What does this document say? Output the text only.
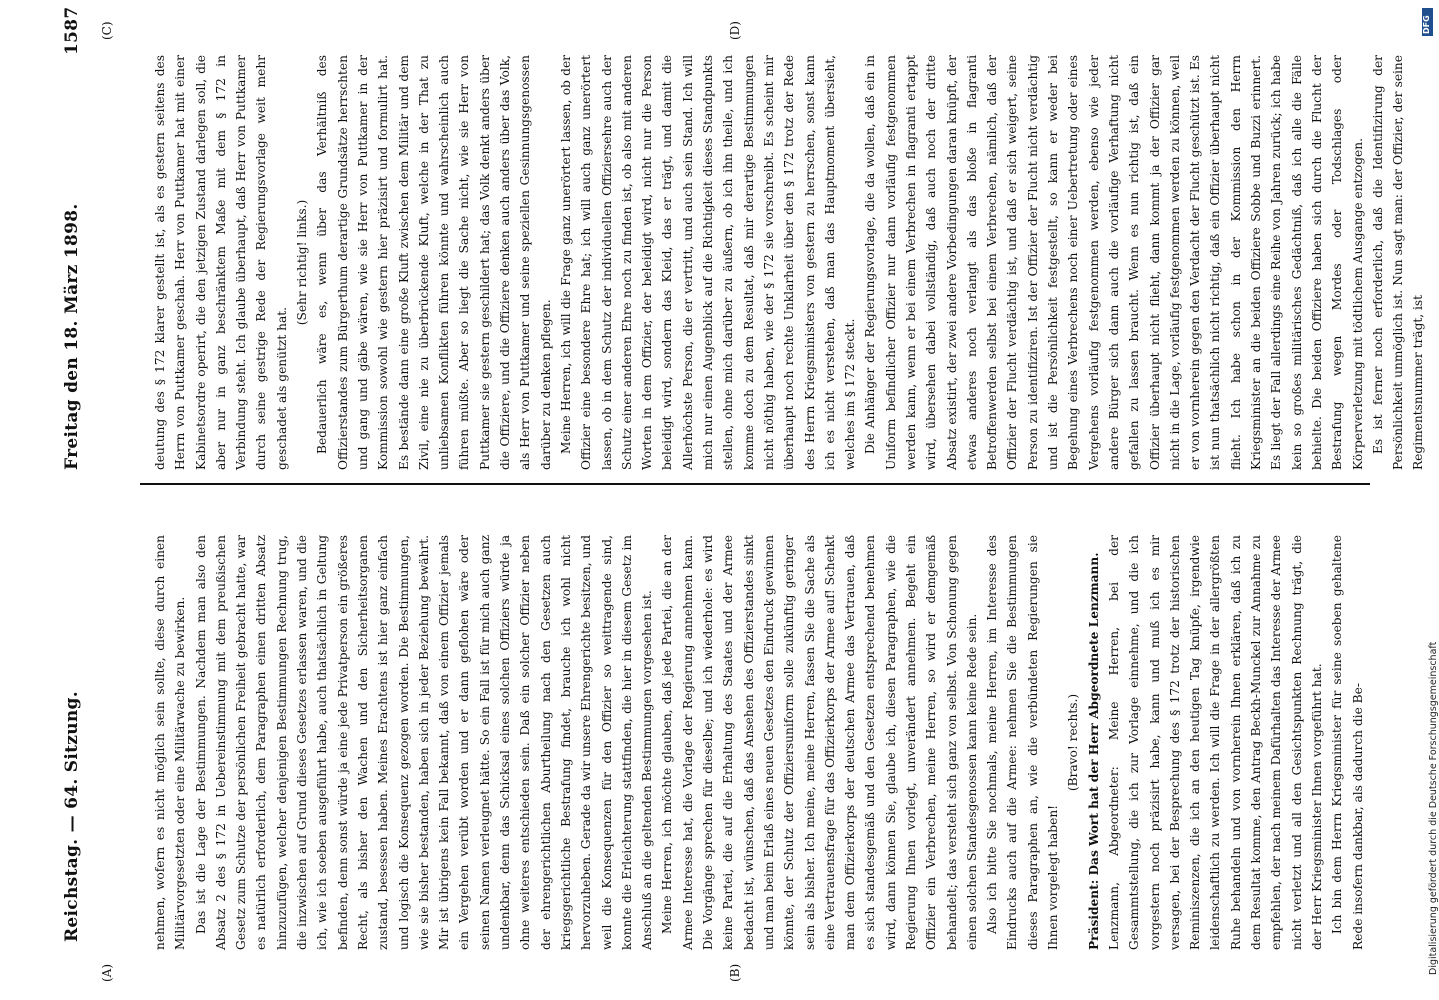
Reichstag. — 64. Sitzung.
Freitag den 18. März 1898.
1587
(A)	(B)
(C)	(D)

nehmen, wofern es nicht möglich sein sollte, diese durch einen Militärvorgesetzten oder eine Militärwache zu bewirken. Das ist die Lage der Bestimmungen. Nachdem man also den Absatz 2 des § 172 in Uebereinstimmung mit dem preußischen Gesetz zum Schutze der persönlichen Freiheit gebracht hatte, war es natürlich erforderlich, dem Paragraphen einen dritten Absatz hinzuzufügen, welcher denjenigen Bestimmungen Rechnung trug, die inzwischen auf Grund dieses Gesetzes erlassen waren, und die ich, wie ich soeben ausgeführt habe, auch thatsächlich in Geltung befinden, denn sonst würde ja eine jede Privatperson ein größeres Recht, als bisher den Wachen und den Sicherheitsorganen zustand, besessen haben. Meines Erachtens ist hier ganz einfach und logisch die Konsequenz gezogen worden. Die Bestimmungen, wie sie bisher bestanden, haben sich in jeder Beziehung bewährt. Mir ist übrigens kein Fall bekannt, daß von einem Offizier jemals ein Vergehen verübt worden und er dann geflohen wäre oder seinen Namen verleugnet hätte. So ein Fall ist für mich auch ganz undenkbar, denn das Schicksal eines solchen Offiziers würde ja ohne weiteres entschieden sein. Daß ein solcher Offizier neben der ehrengerichtlichen Aburtheilung nach den Gesetzen auch kriegsgerichtliche Bestrafung findet, brauche ich wohl nicht hervorzuheben. Gerade da wir unsere Ehrengerichte besitzen, und weil die Konsequenzen für den Offizier so weittragende sind, konnte die Erleichterung stattfinden, die hier in diesem Gesetz im Anschluß an die geltenden Bestimmungen vorgesehen ist. Meine Herren, ich möchte glauben, daß jede Partei, die an der Armee Interesse hat, die Vorlage der Regierung annehmen kann. Die Vorgänge sprechen für dieselbe; und ich wiederhole: es wird keine Partei, die auf die Erhaltung des Staates und der Armee bedacht ist, wünschen, daß das Ansehen des Offizierstandes sinkt und man beim Erlaß eines neuen Gesetzes den Eindruck gewinnen könnte, der Schutz der Offiziersuniform solle zukünftig geringer sein als bisher. Ich meine, meine Herren, fassen Sie die Sache als eine Vertrauensfrage für das Offizierkorps der Armee auf! Schenkt man dem Offizierkorps der deutschen Armee das Vertrauen, daß es sich standesgemäß und den Gesetzen entsprechend benehmen wird, dann können Sie, glaube ich, diesen Paragraphen, wie die Regierung Ihnen vorlegt, unverändert annehmen. Begeht ein Offizier ein Verbrechen, meine Herren, so wird er demgemäß behandelt; das versteht sich ganz von selbst. Von Schonung gegen einen solchen Standesgenossen kann keine Rede sein. Also ich bitte Sie nochmals, meine Herren, im Interesse des Eindrucks auch auf die Armee: nehmen Sie die Bestimmungen dieses Paragraphen an, wie die verbündeten Regierungen sie Ihnen vorgelegt haben!

(Bravo! rechts.) Präsident: Das Wort hat der Herr Abgeordnete Lenzmann. Lenzmann, Abgeordneter: Meine Herren, bei der Gesammtstellung, die ich zur Vorlage einnehme, und die ich vorgestern noch präzisirt habe, kann und muß ich es mir versagen, bei der Besprechung des § 172 trotz der historischen Reminiszenzen, die ich an den heutigen Tag knüpfe, irgendwie leidenschaftlich zu werden. Ich will die Frage in der allergrößten Ruhe behandeln und von vornherein Ihnen erklären, daß ich zu dem Resultat komme, den Antrag Beckh-Munckel zur Annahme zu empfehlen, der nach meinem Dafürhalten das Interesse der Armee nicht verletzt und all den Gesichtspunkten Rechnung trägt, die der Herr Kriegsminister Ihnen vorgeführt hat. Ich bin dem Herrn Kriegsminister für seine soeben gehaltene Rede insofern dankbar, als dadurch die Be-

deutung des § 172 klarer gestellt ist, als es gestern seitens des Herrn von Puttkamer geschah. Herr von Puttkamer hat mit einer Kabinetsordre operirt, die den jetzigen Zustand darlegen soll, die aber nur in ganz beschränktem Maße mit dem § 172 in Verbindung steht. Ich glaube überhaupt, daß Herr von Puttkamer durch seine gestrige Rede der Regierungsvorlage weit mehr geschadet als genützt hat.

(Sehr richtig! links.) Bedauerlich wäre es, wenn über das Verhältniß des Offizierstandes zum Bürgerthum derartige Grundsätze herrschten und gang und gäbe wären, wie sie Herr von Puttkamer in der Kommission sowohl wie gestern hier präzisirt und formulirt hat. Es bestände dann eine große Kluft zwischen dem Militär und dem Zivil, eine nie zu überbrückende Kluft, welche in der That zu unliebsamen Konflikten führen könnte und wahrscheinlich auch führen müßte. Aber so liegt die Sache nicht, wie sie Herr von Puttkamer sie gestern geschildert hat; das Volk denkt anders über die Offiziere, und die Offiziere denken auch anders über das Volk, als Herr von Puttkamer und seine speziellen Gesinnungsgenossen darüber zu denken pflegen. Meine Herren, ich will die Frage ganz unerörtert lassen, ob der Offizier eine besondere Ehre hat; ich will auch ganz unerörtert lassen, ob in dem Schutz der individuellen Offiziersehre auch der Schutz einer anderen Ehre noch zu finden ist, ob also mit anderen Worten in dem Offizier, der beleidigt wird, nicht nur die Person beleidigt wird, sondern das Kleid, das er trägt, und damit die Allerhöchste Person, die er vertritt, und auch sein Stand. Ich will mich nur einen Augenblick auf die Richtigkeit dieses Standpunkts stellen, ohne mich darüber zu äußern, ob ich ihn theile, und ich komme doch zu dem Resultat, daß mir derartige Bestimmungen nicht nöthig haben, wie der § 172 sie vorschreibt. Es scheint mir überhaupt noch rechte Unklarheit über den § 172 trotz der Rede des Herrn Kriegsministers von gestern zu herrschen, sonst kann ich es nicht verstehen, daß man das Hauptmoment übersieht, welches im § 172 steckt. Die Anhänger der Regierungsvorlage, die da wollen, daß ein in Uniform befindlicher Offizier nur dann vorläufig festgenommen werden kann, wenn er bei einem Verbrechen in flagranti ertappt wird, übersehen dabei vollständig, daß auch noch der dritte Absatz existirt, der zwei andere Vorbedingungen daran knüpft, der etwas anderes noch verlangt als das bloße in flagranti Betroffenwerden selbst bei einem Verbrechen, nämlich, daß der Offizier der Flucht verdächtig ist, und daß er sich weigert, seine Person zu identifiziren. Ist der Offizier der Flucht nicht verdächtig und ist die Persönlichkeit festgestellt, so kann er weder bei Begehung eines Verbrechens noch einer Uebertretung oder eines Vergehens vorläufig festgenommen werden, ebenso wie jeder andere Bürger sich dann auch die vorläufige Verhaftung nicht gefallen zu lassen braucht. Wenn es nun richtig ist, daß ein Offizier überhaupt nicht flieht, dann kommt ja der Offizier gar nicht in die Lage, vorläufig festgenommen werden zu können, weil er von vornherein gegen den Verdacht der Flucht geschützt ist. Es ist nun thatsächlich nicht richtig, daß ein Offizier überhaupt nicht flieht. Ich habe schon in der Kommission den Herrn Kriegsminister an die beiden Offiziere Sobbe und Buzzi erinnert. Es liegt der Fall allerdings eine Reihe von Jahren zurück; ich habe kein so großes militärisches Gedächtniß, daß ich alle die Fälle behielte. Die beiden Offiziere haben sich durch die Flucht der Bestrafung wegen Mordes oder Todschlages oder Körperverletzung mit tödtlichem Ausgange entzogen. Es ist ferner noch erforderlich, daß die Identifizirung der Persönlichkeit unmöglich ist. Nun sagt man: der Offizier, der seine Regimentsnummer trägt, ist

DFG
Digitalisierung gefördert durch die Deutsche Forschungsgemeinschaft
